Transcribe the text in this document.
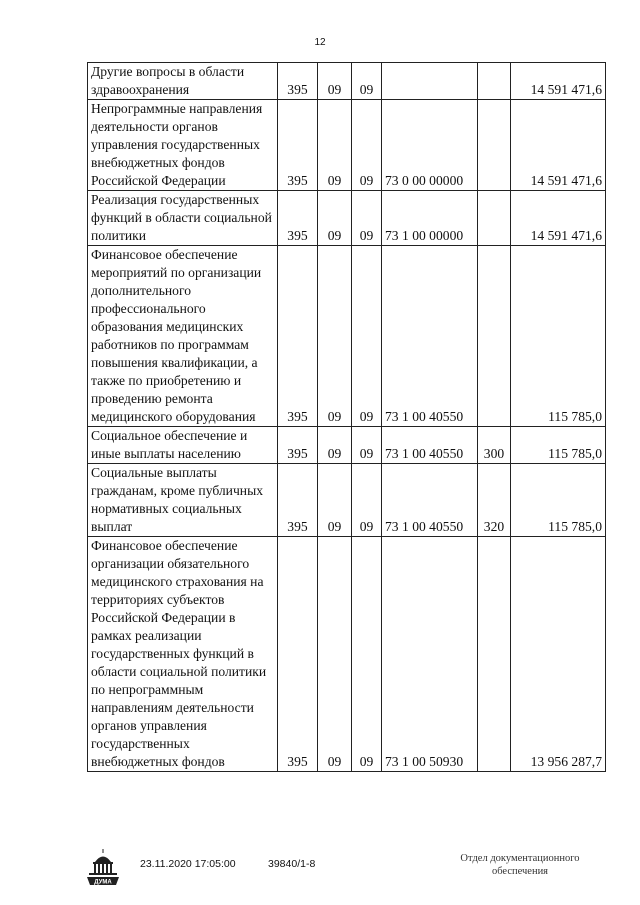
12
Другие вопросы в области здравоохранения	395	09	09			14 591 471,6
Непрограммные направления деятельности органов управления государственных внебюджетных фондов Российской Федерации	395	09	09	73 0 00 00000		14 591 471,6
Реализация государственных функций в области социальной политики	395	09	09	73 1 00 00000		14 591 471,6
Финансовое обеспечение мероприятий по организации дополнительного профессионального образования медицинских работников по программам повышения квалификации, а также по приобретению и проведению ремонта медицинского оборудования	395	09	09	73 1 00 40550		115 785,0
Социальное обеспечение и иные выплаты населению	395	09	09	73 1 00 40550	300	115 785,0
Социальные выплаты гражданам, кроме публичных нормативных социальных выплат	395	09	09	73 1 00 40550	320	115 785,0
Финансовое обеспечение организации обязательного медицинского страхования на территориях субъектов Российской Федерации в рамках реализации государственных функций в области социальной политики по непрограммным направлениям деятельности органов управления государственных внебюджетных фондов	395	09	09	73 1 00 50930		13 956 287,7
ДУМА
23.11.2020 17:05:00	39840/1-8	Отдел документационного
обеспечения
